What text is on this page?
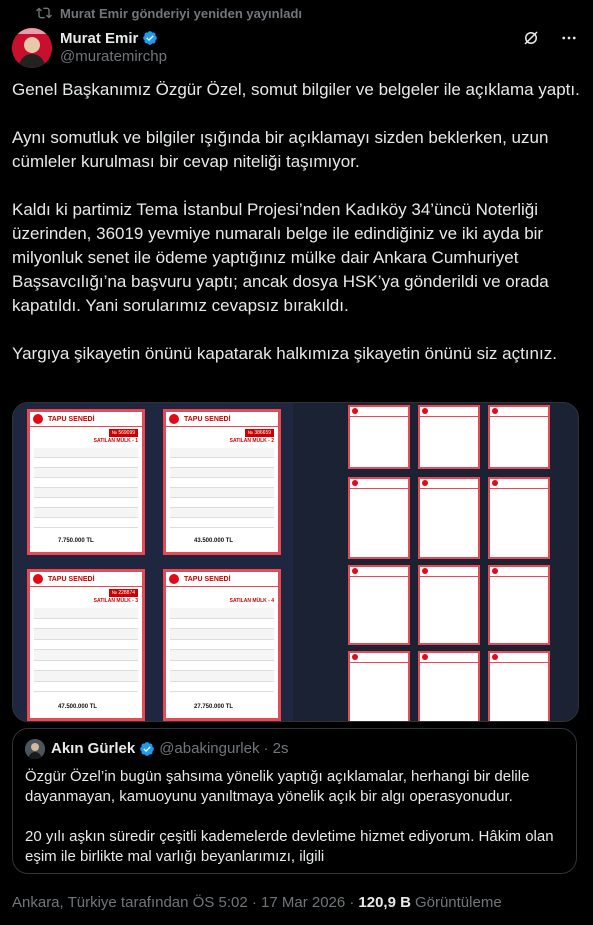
Murat Emir gönderiyi yeniden yayınladı
Murat Emir
@muratemirchp

Genel Başkanımız Özgür Özel, somut bilgiler ve belgeler ile açıklama yaptı.

Aynı somutluk ve bilgiler ışığında bir açıklamayı sizden beklerken, uzun cümleler kurulması bir cevap niteliği taşımıyor.

Kaldı ki partimiz Tema İstanbul Projesi’nden Kadıköy 34’üncü Noterliği üzerinden, 36019 yevmiye numaralı belge ile edindiğiniz ve iki ayda bir milyonluk senet ile ödeme yaptığınız mülke dair Ankara Cumhuriyet Başsavcılığı’na başvuru yaptı; ancak dosya HSK’ya gönderildi ve orada kapatıldı. Yani sorularımız cevapsız bırakıldı.

Yargıya şikayetin önünü kapatarak halkımıza şikayetin önünü siz açtınız.

TAPU SENEDİ
№ 569099
SATILAN MÜLK - 1
7.750.000 TL
TAPU SENEDİ
№ 386659
SATILAN MÜLK - 2
43.500.000 TL
TAPU SENEDİ
№ 228874
SATILAN MÜLK - 3
47.500.000 TL
TAPU SENEDİ
SATILAN MÜLK - 4
27.750.000 TL
Akın Gürlek @abakingurlek · 2s

Özgür Özel’in bugün şahsıma yönelik yaptığı açıklamalar, herhangi bir delile dayanmayan, kamuoyunu yanıltmaya yönelik açık bir algı operasyonudur.

20 yılı aşkın süredir çeşitli kademelerde devletime hizmet ediyorum. Hâkim olan eşim ile birlikte mal varlığı beyanlarımızı, ilgili

Ankara, Türkiye tarafından ÖS 5:02 · 17 Mar 2026 · 120,9 B Görüntüleme
